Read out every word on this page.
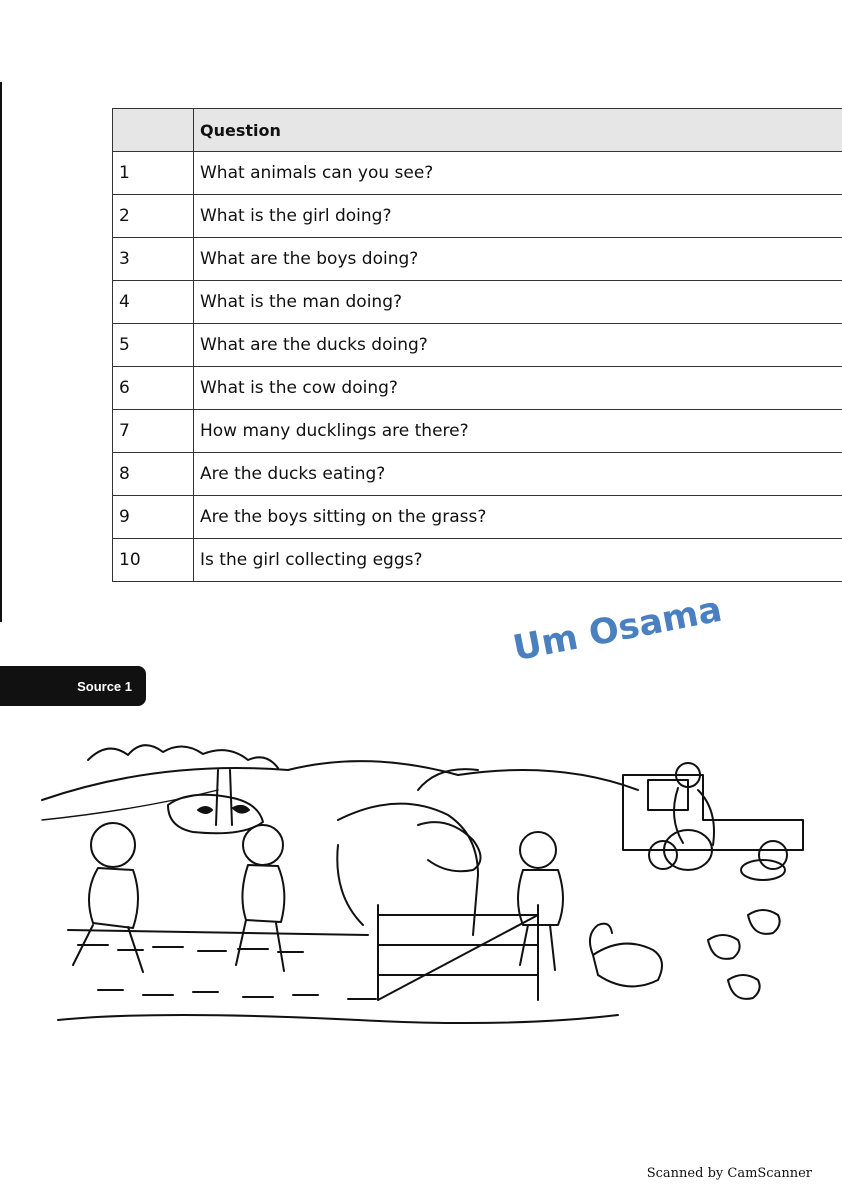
	Question
1	What animals can you see?
2	What is the girl doing?
3	What are the boys doing?
4	What is the man doing?
5	What are the ducks doing?
6	What is the cow doing?
7	How many ducklings are there?
8	Are the ducks eating?
9	Are the boys sitting on the grass?
10	Is the girl collecting eggs?
Um Osama
Source 1
Scanned by CamScanner
